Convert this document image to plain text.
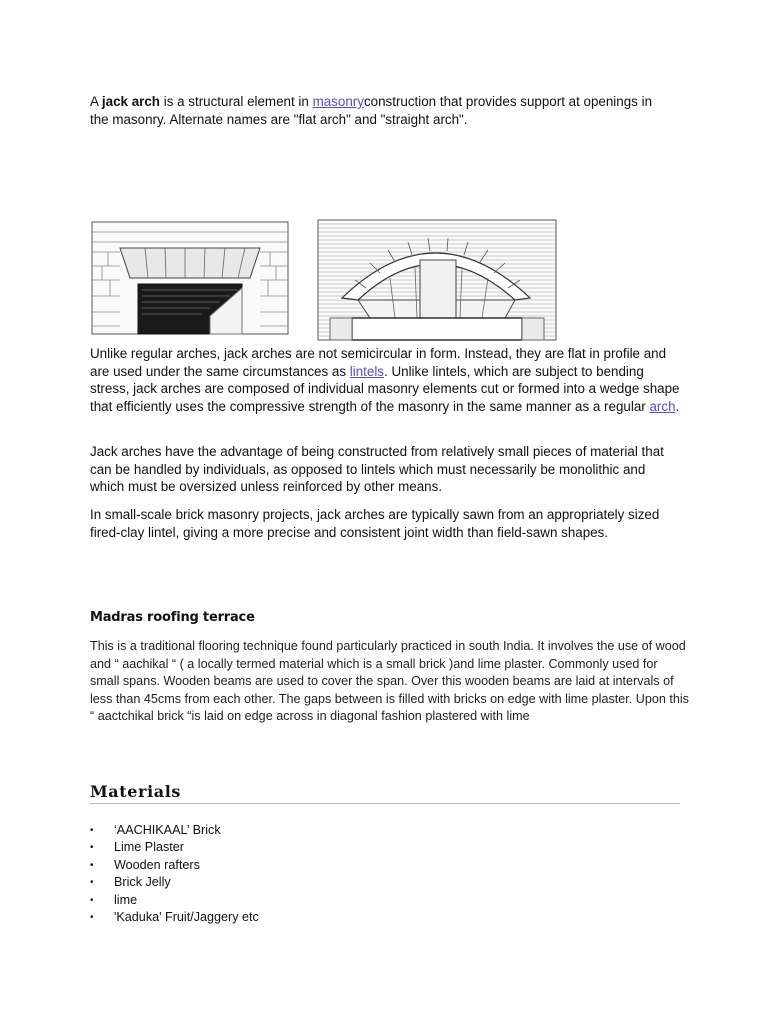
A jack arch is a structural element in masonryconstruction that provides support at openings in
the masonry. Alternate names are "flat arch" and "straight arch".

Unlike regular arches, jack arches are not semicircular in form. Instead, they are flat in profile and are used under the same circumstances as lintels. Unlike lintels, which are subject to bending stress, jack arches are composed of individual masonry elements cut or formed into a wedge shape that efficiently uses the compressive strength of the masonry in the same manner as a regular arch.

Jack arches have the advantage of being constructed from relatively small pieces of material that can be handled by individuals, as opposed to lintels which must necessarily be monolithic and which must be oversized unless reinforced by other means.

In small-scale brick masonry projects, jack arches are typically sawn from an appropriately sized fired-clay lintel, giving a more precise and consistent joint width than field-sawn shapes.

Madras roofing terrace

This is a traditional flooring technique found particularly practiced in south India. It involves the use of wood and “ aachikal “ ( a locally termed material which is a small brick )and lime plaster. Commonly used for small spans. Wooden beams are used to cover the span. Over this wooden beams are laid at intervals of less than 45cms from each other. The gaps between is filled with bricks on edge with lime plaster. Upon this “ aactchikal brick “is laid on edge across in diagonal fashion plastered with lime

Materials
• ‘AACHIKAAL’ Brick
• Lime Plaster
• Wooden rafters
• Brick Jelly
• lime
• 'Kaduka' Fruit/Jaggery etc
